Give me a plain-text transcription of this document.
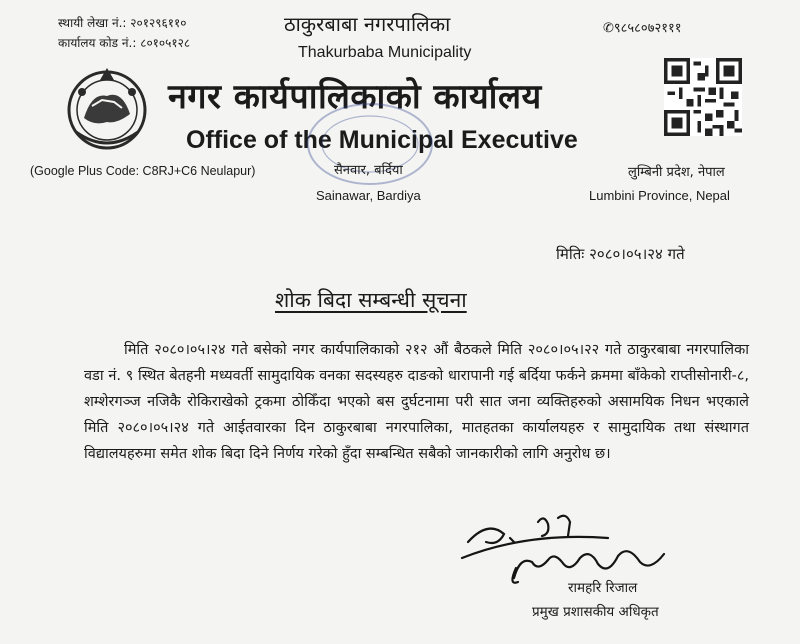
स्थायी लेखा नं.: २०१२९६११०
कार्यालय कोड नं.: ८०१०५१२८
✆९८५८०७२१११
ठाकुरबाबा नगरपालिका
Thakurbaba Municipality
नगर कार्यपालिकाको कार्यालय
Office of the Municipal Executive
(Google Plus Code: C8RJ+C6 Neulapur)	सैनवार, बर्दिया
Sainawar, Bardiya
लुम्बिनी प्रदेश, नेपाल
Lumbini Province, Nepal
मितिः २०८०।०५।२४ गते
शोक बिदा सम्बन्धी सूचना
मिति २०८०।०५।२४ गते बसेको नगर कार्यपालिकाको २१२ औं बैठकले मिति २०८०।०५।२२ गते ठाकुरबाबा नगरपालिका वडा नं. ९ स्थित बेतहनी मध्यवर्ती सामुदायिक वनका सदस्यहरु दाङको धारापानी गई बर्दिया फर्कने क्रममा बाँकेको राप्तीसोनारी-८, शम्शेरगञ्ज नजिकै रोकिराखेको ट्रकमा ठोकिँदा भएको बस दुर्घटनामा परी सात जना व्यक्तिहरुको असामयिक निधन भएकाले मिति २०८०।०५।२४ गते आईतवारका दिन ठाकुरबाबा नगरपालिका, मातहतका कार्यालयहरु र सामुदायिक तथा संस्थागत विद्यालयहरुमा समेत शोक बिदा दिने निर्णय गरेको हुँदा सम्बन्धित सबैको जानकारीको लागि अनुरोध छ।
रामहरि रिजाल
प्रमुख प्रशासकीय अधिकृत
